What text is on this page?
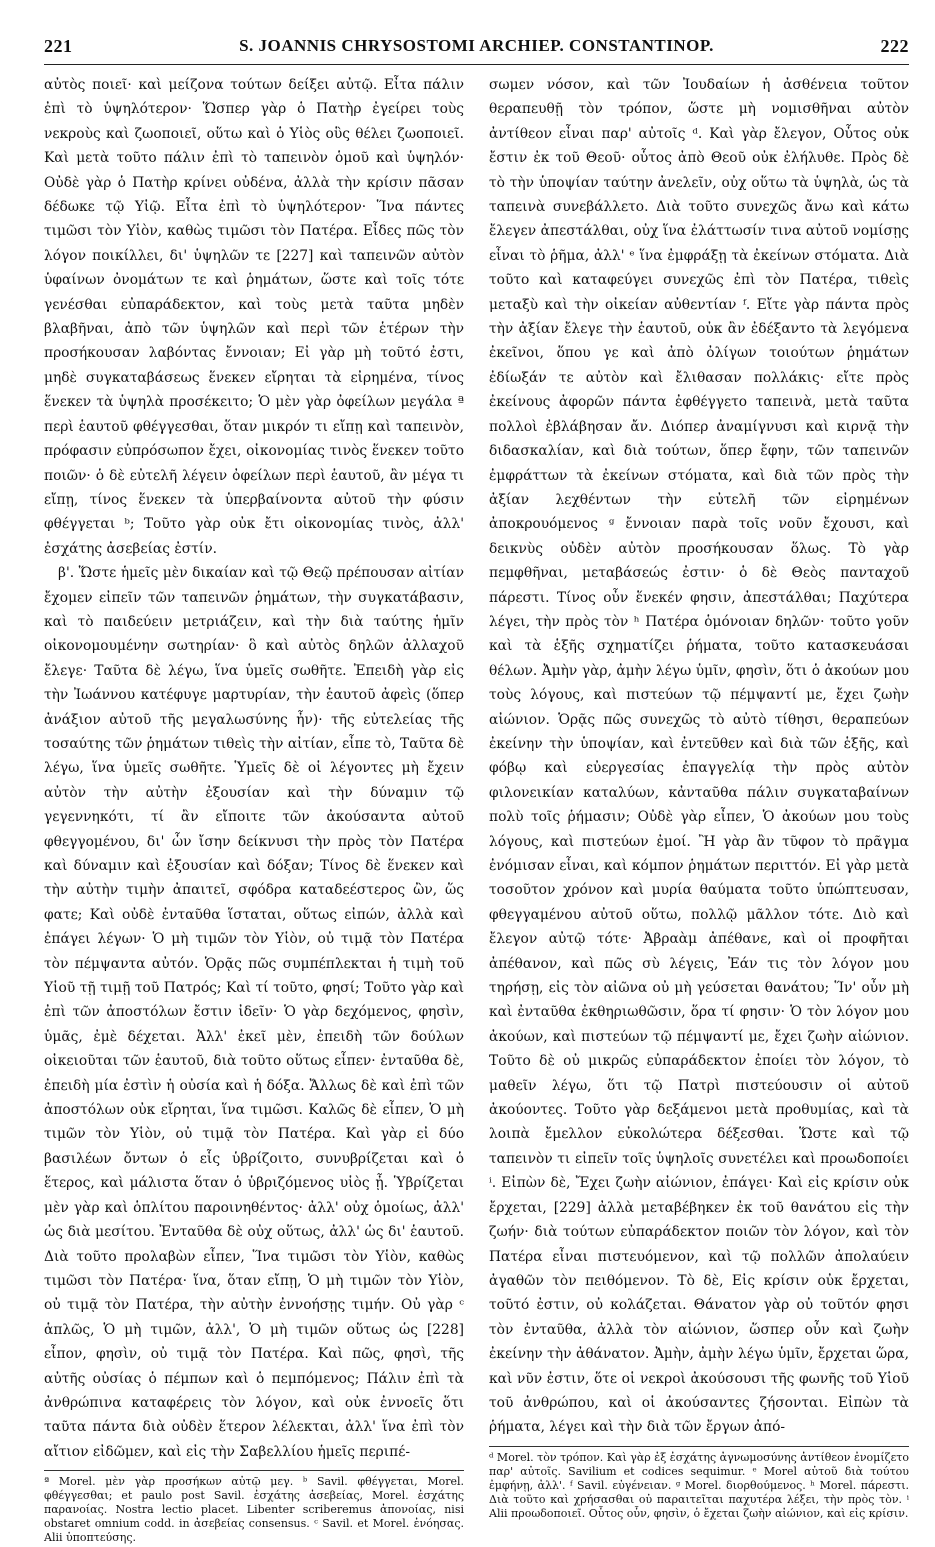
221	S. JOANNIS CHRYSOSTOMI ARCHIEP. CONSTANTINOP.	222

αὐτὸς ποιεῖ· καὶ μείζονα τούτων δείξει αὐτῷ. Εἶτα πάλιν ἐπὶ τὸ ὑψηλότερον· Ὥσπερ γὰρ ὁ Πατὴρ ἐγείρει τοὺς νεκροὺς καὶ ζωοποιεῖ, οὕτω καὶ ὁ Υἱὸς οὓς θέλει ζωοποιεῖ. Καὶ μετὰ τοῦτο πάλιν ἐπὶ τὸ ταπεινὸν ὁμοῦ καὶ ὑψηλόν· Οὐδὲ γὰρ ὁ Πατὴρ κρίνει οὐδένα, ἀλλὰ τὴν κρίσιν πᾶσαν δέδωκε τῷ Υἱῷ. Εἶτα ἐπὶ τὸ ὑψηλότερον· Ἵνα πάντες τιμῶσι τὸν Υἱὸν, καθὼς τιμῶσι τὸν Πατέρα. Εἶδες πῶς τὸν λόγον ποικίλλει, δι' ὑψηλῶν τε [227] καὶ ταπεινῶν αὐτὸν ὑφαίνων ὀνομάτων τε καὶ ῥημάτων, ὥστε καὶ τοῖς τότε γενέσθαι εὐπαράδεκτον, καὶ τοὺς μετὰ ταῦτα μηδὲν βλαβῆναι, ἀπὸ τῶν ὑψηλῶν καὶ περὶ τῶν ἑτέρων τὴν προσήκουσαν λαβόντας ἔννοιαν; Εἰ γὰρ μὴ τοῦτό ἐστι, μηδὲ συγκαταβάσεως ἕνεκεν εἴρηται τὰ εἰρημένα, τίνος ἕνεκεν τὰ ὑψηλὰ προσέκειτο; Ὁ μὲν γὰρ ὀφείλων μεγάλα ª περὶ ἑαυτοῦ φθέγγεσθαι, ὅταν μικρόν τι εἴπῃ καὶ ταπεινὸν, πρόφασιν εὐπρόσωπον ἔχει, οἰκονομίας τινὸς ἕνεκεν τοῦτο ποιῶν· ὁ δὲ εὐτελῆ λέγειν ὀφείλων περὶ ἑαυτοῦ, ἂν μέγα τι εἴπῃ, τίνος ἕνεκεν τὰ ὑπερβαίνοντα αὐτοῦ τὴν φύσιν φθέγγεται ᵇ; Τοῦτο γὰρ οὐκ ἔτι οἰκονομίας τινὸς, ἀλλ' ἐσχάτης ἀσεβείας ἐστίν.

β'. Ὥστε ἡμεῖς μὲν δικαίαν καὶ τῷ Θεῷ πρέπουσαν αἰτίαν ἔχομεν εἰπεῖν τῶν ταπεινῶν ῥημάτων, τὴν συγκατάβασιν, καὶ τὸ παιδεύειν μετριάζειν, καὶ τὴν διὰ ταύτης ἡμῖν οἰκονομουμένην σωτηρίαν· ὃ καὶ αὐτὸς δηλῶν ἀλλαχοῦ ἔλεγε· Ταῦτα δὲ λέγω, ἵνα ὑμεῖς σωθῆτε. Ἐπειδὴ γὰρ εἰς τὴν Ἰωάννου κατέφυγε μαρτυρίαν, τὴν ἑαυτοῦ ἀφεὶς (ὅπερ ἀνάξιον αὐτοῦ τῆς μεγαλωσύνης ἦν)· τῆς εὐτελείας τῆς τοσαύτης τῶν ῥημάτων τιθεὶς τὴν αἰτίαν, εἶπε τὸ, Ταῦτα δὲ λέγω, ἵνα ὑμεῖς σωθῆτε. Ὑμεῖς δὲ οἱ λέγοντες μὴ ἔχειν αὐτὸν τὴν αὐτὴν ἐξουσίαν καὶ τὴν δύναμιν τῷ γεγεννηκότι, τί ἂν εἴποιτε τῶν ἀκούσαντα αὐτοῦ φθεγγομένου, δι' ὧν ἴσην δείκνυσι τὴν πρὸς τὸν Πατέρα καὶ δύναμιν καὶ ἐξουσίαν καὶ δόξαν; Τίνος δὲ ἕνεκεν καὶ τὴν αὐτὴν τιμὴν ἀπαιτεῖ, σφόδρα καταδεέστερος ὢν, ὥς φατε; Καὶ οὐδὲ ἐνταῦθα ἵσταται, οὕτως εἰπών, ἀλλὰ καὶ ἐπάγει λέγων· Ὁ μὴ τιμῶν τὸν Υἱὸν, οὐ τιμᾷ τὸν Πατέρα τὸν πέμψαντα αὐτόν. Ὁρᾷς πῶς συμπέπλεκται ἡ τιμὴ τοῦ Υἱοῦ τῇ τιμῇ τοῦ Πατρός; Καὶ τί τοῦτο, φησί; Τοῦτο γὰρ καὶ ἐπὶ τῶν ἀποστόλων ἔστιν ἰδεῖν· Ὁ γὰρ δεχόμενος, φησὶν, ὑμᾶς, ἐμὲ δέχεται. Ἀλλ' ἐκεῖ μὲν, ἐπειδὴ τῶν δούλων οἰκειοῦται τῶν ἑαυτοῦ, διὰ τοῦτο οὕτως εἶπεν· ἐνταῦθα δὲ, ἐπειδὴ μία ἐστὶν ἡ οὐσία καὶ ἡ δόξα. Ἄλλως δὲ καὶ ἐπὶ τῶν ἀποστόλων οὐκ εἴρηται, ἵνα τιμῶσι. Καλῶς δὲ εἶπεν, Ὁ μὴ τιμῶν τὸν Υἱὸν, οὐ τιμᾷ τὸν Πατέρα. Καὶ γὰρ εἰ δύο βασιλέων ὄντων ὁ εἷς ὑβρίζοιτο, συνυβρίζεται καὶ ὁ ἕτερος, καὶ μάλιστα ὅταν ὁ ὑβριζόμενος υἱὸς ᾖ. Ὑβρίζεται μὲν γὰρ καὶ ὁπλίτου παροινηθέντος· ἀλλ' οὐχ ὁμοίως, ἀλλ' ὡς διὰ μεσίτου. Ἐνταῦθα δὲ οὐχ οὕτως, ἀλλ' ὡς δι' ἑαυτοῦ. Διὰ τοῦτο προλαβὼν εἶπεν, Ἵνα τιμῶσι τὸν Υἱὸν, καθὼς τιμῶσι τὸν Πατέρα· ἵνα, ὅταν εἴπῃ, Ὁ μὴ τιμῶν τὸν Υἱὸν, οὐ τιμᾷ τὸν Πατέρα, τὴν αὐτὴν ἐννοήσῃς τιμήν. Οὐ γὰρ ᶜ ἁπλῶς, Ὁ μὴ τιμῶν, ἀλλ', Ὁ μὴ τιμῶν οὕτως ὡς [228] εἶπον, φησὶν, οὐ τιμᾷ τὸν Πατέρα. Καὶ πῶς, φησὶ, τῆς αὐτῆς οὐσίας ὁ πέμπων καὶ ὁ πεμπόμενος; Πάλιν ἐπὶ τὰ ἀνθρώπινα καταφέρεις τὸν λόγον, καὶ οὐκ ἐννοεῖς ὅτι ταῦτα πάντα διὰ οὐδὲν ἕτερον λέλεκται, ἀλλ' ἵνα ἐπὶ τὸν αἴτιον εἰδῶμεν, καὶ εἰς τὴν Σαβελλίου ἡμεῖς περιπέ-

ª Morel. μὲν γὰρ προσήκων αὐτῷ μεγ. ᵇ Savil. φθέγγεται, Morel. φθέγγεσθαι; et paulo post Savil. ἐσχάτης ἀσεβείας, Morel. ἐσχάτης παρανοίας. Nostra lectio placet. Libenter scriberemus ἀπονοίας, nisi obstaret omnium codd. in ἀσεβείας consensus. ᶜ Savil. et Morel. ἐνόησας. Alii ὑποπτεύσης.

σωμεν νόσον, καὶ τῶν Ἰουδαίων ἡ ἀσθένεια τοῦτον θεραπευθῇ τὸν τρόπον, ὥστε μὴ νομισθῆναι αὐτὸν ἀντίθεον εἶναι παρ' αὐτοῖς ᵈ. Καὶ γὰρ ἔλεγον, Οὗτος οὐκ ἔστιν ἐκ τοῦ Θεοῦ· οὗτος ἀπὸ Θεοῦ οὐκ ἐλήλυθε. Πρὸς δὲ τὸ τὴν ὑποψίαν ταύτην ἀνελεῖν, οὐχ οὕτω τὰ ὑψηλὰ, ὡς τὰ ταπεινὰ συνεβάλλετο. Διὰ τοῦτο συνεχῶς ἄνω καὶ κάτω ἔλεγεν ἀπεστάλθαι, οὐχ ἵνα ἐλάττωσίν τινα αὐτοῦ νομίσῃς εἶναι τὸ ῥῆμα, ἀλλ' ᵉ ἵνα ἐμφράξῃ τὰ ἐκείνων στόματα. Διὰ τοῦτο καὶ καταφεύγει συνεχῶς ἐπὶ τὸν Πατέρα, τιθεὶς μεταξὺ καὶ τὴν οἰκείαν αὐθεντίαν ᶠ. Εἴτε γὰρ πάντα πρὸς τὴν ἀξίαν ἔλεγε τὴν ἑαυτοῦ, οὐκ ἂν ἐδέξαντο τὰ λεγόμενα ἐκεῖνοι, ὅπου γε καὶ ἀπὸ ὀλίγων τοιούτων ῥημάτων ἐδίωξάν τε αὐτὸν καὶ ἔλιθασαν πολλάκις· εἴτε πρὸς ἐκείνους ἀφορῶν πάντα ἐφθέγγετο ταπεινὰ, μετὰ ταῦτα πολλοὶ ἐβλάβησαν ἄν. Διόπερ ἀναμίγνυσι καὶ κιρνᾷ τὴν διδασκαλίαν, καὶ διὰ τούτων, ὅπερ ἔφην, τῶν ταπεινῶν ἐμφράττων τὰ ἐκείνων στόματα, καὶ διὰ τῶν πρὸς τὴν ἀξίαν λεχθέντων τὴν εὐτελῆ τῶν εἰρημένων ἀποκρουόμενος ᵍ ἔννοιαν παρὰ τοῖς νοῦν ἔχουσι, καὶ δεικνὺς οὐδὲν αὐτὸν προσήκουσαν ὅλως. Τὸ γὰρ πεμφθῆναι, μεταβάσεώς ἐστιν· ὁ δὲ Θεὸς πανταχοῦ πάρεστι. Τίνος οὖν ἕνεκέν φησιν, ἀπεστάλθαι; Παχύτερα λέγει, τὴν πρὸς τὸν ʰ Πατέρα ὁμόνοιαν δηλῶν· τοῦτο γοῦν καὶ τὰ ἑξῆς σχηματίζει ῥήματα, τοῦτο κατασκευάσαι θέλων. Ἀμὴν γὰρ, ἀμὴν λέγω ὑμῖν, φησὶν, ὅτι ὁ ἀκούων μου τοὺς λόγους, καὶ πιστεύων τῷ πέμψαντί με, ἔχει ζωὴν αἰώνιον. Ὁρᾷς πῶς συνεχῶς τὸ αὐτὸ τίθησι, θεραπεύων ἐκείνην τὴν ὑποψίαν, καὶ ἐντεῦθεν καὶ διὰ τῶν ἑξῆς, καὶ φόβῳ καὶ εὐεργεσίας ἐπαγγελίᾳ τὴν πρὸς αὐτὸν φιλονεικίαν καταλύων, κἀνταῦθα πάλιν συγκαταβαίνων πολὺ τοῖς ῥήμασιν; Οὐδὲ γὰρ εἶπεν, Ὁ ἀκούων μου τοὺς λόγους, καὶ πιστεύων ἐμοί. Ἢ γὰρ ἂν τῦφον τὸ πρᾶγμα ἐνόμισαν εἶναι, καὶ κόμπον ῥημάτων περιττόν. Εἰ γὰρ μετὰ τοσοῦτον χρόνον καὶ μυρία θαύματα τοῦτο ὑπώπτευσαν, φθεγγαμένου αὐτοῦ οὕτω, πολλῷ μᾶλλον τότε. Διὸ καὶ ἔλεγον αὐτῷ τότε· Ἀβραὰμ ἀπέθανε, καὶ οἱ προφῆται ἀπέθανον, καὶ πῶς σὺ λέγεις, Ἐάν τις τὸν λόγον μου τηρήσῃ, εἰς τὸν αἰῶνα οὐ μὴ γεύσεται θανάτου; Ἵν' οὖν μὴ καὶ ἐνταῦθα ἐκθηριωθῶσιν, ὅρα τί φησιν· Ὁ τὸν λόγον μου ἀκούων, καὶ πιστεύων τῷ πέμψαντί με, ἔχει ζωὴν αἰώνιον. Τοῦτο δὲ οὐ μικρῶς εὐπαράδεκτον ἐποίει τὸν λόγον, τὸ μαθεῖν λέγω, ὅτι τῷ Πατρὶ πιστεύουσιν οἱ αὐτοῦ ἀκούοντες. Τοῦτο γὰρ δεξάμενοι μετὰ προθυμίας, καὶ τὰ λοιπὰ ἔμελλον εὐκολώτερα δέξεσθαι. Ὥστε καὶ τῷ ταπεινὸν τι εἰπεῖν τοῖς ὑψηλοῖς συνετέλει καὶ προωδοποίει ⁱ. Εἰπὼν δὲ, Ἔχει ζωὴν αἰώνιον, ἐπάγει· Καὶ εἰς κρίσιν οὐκ ἔρχεται, [229] ἀλλὰ μεταβέβηκεν ἐκ τοῦ θανάτου εἰς τὴν ζωήν· διὰ τούτων εὐπαράδεκτον ποιῶν τὸν λόγον, καὶ τὸν Πατέρα εἶναι πιστευόμενον, καὶ τῷ πολλῶν ἀπολαύειν ἀγαθῶν τὸν πειθόμενον. Τὸ δὲ, Εἰς κρίσιν οὐκ ἔρχεται, τοῦτό ἐστιν, οὐ κολάζεται. Θάνατον γὰρ οὐ τοῦτόν φησι τὸν ἐνταῦθα, ἀλλὰ τὸν αἰώνιον, ὥσπερ οὖν καὶ ζωὴν ἐκείνην τὴν ἀθάνατον. Ἀμὴν, ἀμὴν λέγω ὑμῖν, ἔρχεται ὥρα, καὶ νῦν ἐστιν, ὅτε οἱ νεκροὶ ἀκούσουσι τῆς φωνῆς τοῦ Υἱοῦ τοῦ ἀνθρώπου, καὶ οἱ ἀκούσαντες ζήσονται. Εἰπὼν τὰ ῥήματα, λέγει καὶ τὴν διὰ τῶν ἔργων ἀπό-

ᵈ Morel. τὸν τρόπον. Καὶ γὰρ ἐξ ἐσχάτης ἀγνωμοσύνης ἀντίθεον ἐνομίζετο παρ' αὐτοῖς. Savilium et codices sequimur. ᵉ Morel αὐτοῦ διὰ τούτου ἐμφήνῃ, ἀλλ'. ᶠ Savil. εὐγένειαν. ᵍ Morel. διορθούμενος. ʰ Morel. πάρεστι. Διὰ τοῦτο καὶ χρήσασθαι οὐ παραιτεῖται παχυτέρα λέξει, τὴν πρὸς τὸν. ⁱ Alii προωδοποιεῖ. Οὗτος οὖν, φησὶν, ὁ ἔχεται ζωὴν αἰώνιον, καὶ εἰς κρίσιν.
